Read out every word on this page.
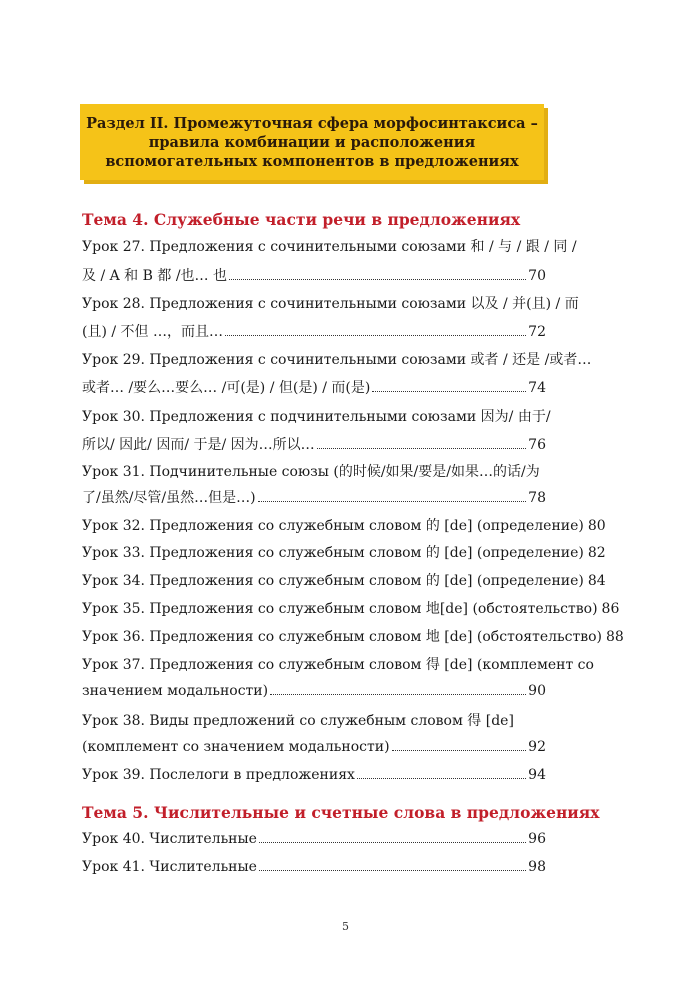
Раздел II. Промежуточная сфера морфосинтаксиса –
правила комбинации и расположения
вспомогательных компонентов в предложениях
Тема 4. Служебные части речи в предложениях
Урок 27. Предложения с сочинительными союзами 和 / 与 / 跟 / 同 /
及 / A 和 B 都 /也… 也	70
Урок 28. Предложения с сочинительными союзами 以及 / 并(且) / 而
(且) / 不但 …，而且…	72
Урок 29. Предложения с сочинительными союзами 或者 / 还是 /或者…
或者… /要么…要么… /可(是) / 但(是) / 而(是)	74
Урок 30. Предложения с подчинительными союзами 因为/ 由于/
所以/ 因此/ 因而/ 于是/ 因为…所以…	76
Урок 31. Подчинительные союзы (的时候/如果/要是/如果…的话/为
了/虽然/尽管/虽然…但是…)	78
Урок 32. Предложения со служебным словом 的 [de] (определение) 80
Урок 33. Предложения со служебным словом 的 [de] (определение) 82
Урок 34. Предложения со служебным словом 的 [de] (определение) 84
Урок 35. Предложения со служебным словом 地[de] (обстоятельство) 86
Урок 36. Предложения со служебным словом 地 [de] (обстоятельство) 88
Урок 37. Предложения со служебным словом 得 [de] (комплемент со
значением модальности)	90
Урок 38. Виды предложений со служебным словом 得 [de]
(комплемент со значением модальности)	92
Урок 39. Послелоги в предложениях	94
Тема 5. Числительные и счетные слова в предложениях
Урок 40. Числительные	96
Урок 41. Числительные	98
5
